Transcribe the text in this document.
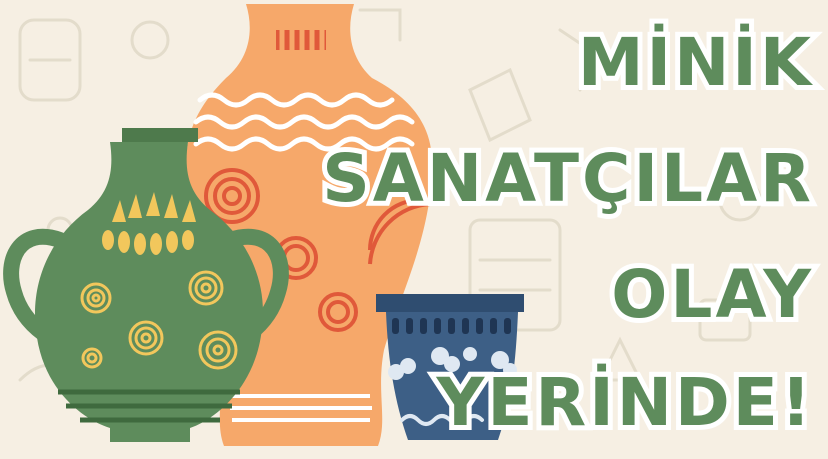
MİNİK
SANATÇILAR
OLAY
YERİNDE!
